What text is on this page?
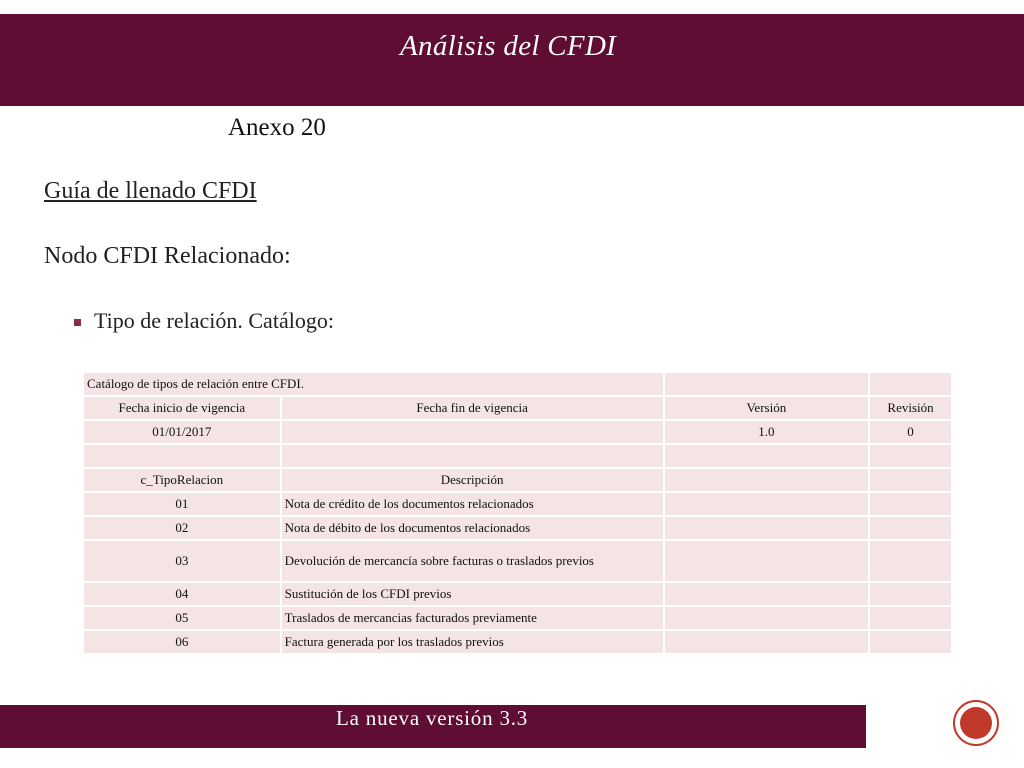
Análisis del CFDI
Anexo 20
Guía de llenado CFDI
Nodo CFDI Relacionado:
Tipo de relación. Catálogo:
Catálogo de tipos de relación entre CFDI.			
Fecha inicio de vigencia	Fecha fin de vigencia	Versión	Revisión
01/01/2017		1.0	0

c_TipoRelacion	Descripción		
01	Nota de crédito de los documentos relacionados		
02	Nota de débito de los documentos relacionados		
03	Devolución de mercancía sobre facturas o traslados previos		
04	Sustitución de los CFDI previos		
05	Traslados de mercancias facturados previamente		
06	Factura generada por los traslados previos		
La nueva versión 3.3
